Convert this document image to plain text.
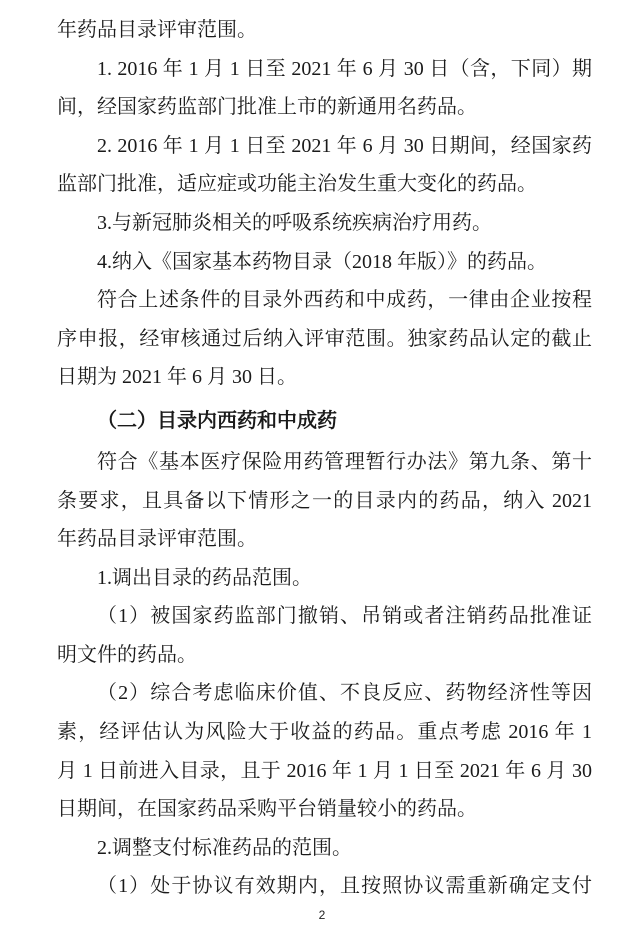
年药品目录评审范围。
1. 2016 年 1 月 1 日至 2021 年 6 月 30 日（含，下同）期
间，经国家药监部门批准上市的新通用名药品。
2. 2016 年 1 月 1 日至 2021 年 6 月 30 日期间，经国家药
监部门批准，适应症或功能主治发生重大变化的药品。
3.与新冠肺炎相关的呼吸系统疾病治疗用药。
4.纳入《国家基本药物目录（2018 年版）》的药品。
符合上述条件的目录外西药和中成药，一律由企业按程
序申报，经审核通过后纳入评审范围。独家药品认定的截止
日期为 2021 年 6 月 30 日。
（二）目录内西药和中成药
符合《基本医疗保险用药管理暂行办法》第九条、第十
条要求，且具备以下情形之一的目录内的药品，纳入 2021
年药品目录评审范围。
1.调出目录的药品范围。
（1）被国家药监部门撤销、吊销或者注销药品批准证
明文件的药品。
（2）综合考虑临床价值、不良反应、药物经济性等因
素，经评估认为风险大于收益的药品。重点考虑 2016 年 1
月 1 日前进入目录，且于 2016 年 1 月 1 日至 2021 年 6 月 30
日期间，在国家药品采购平台销量较小的药品。
2.调整支付标准药品的范围。
（1）处于协议有效期内，且按照协议需重新确定支付
2
